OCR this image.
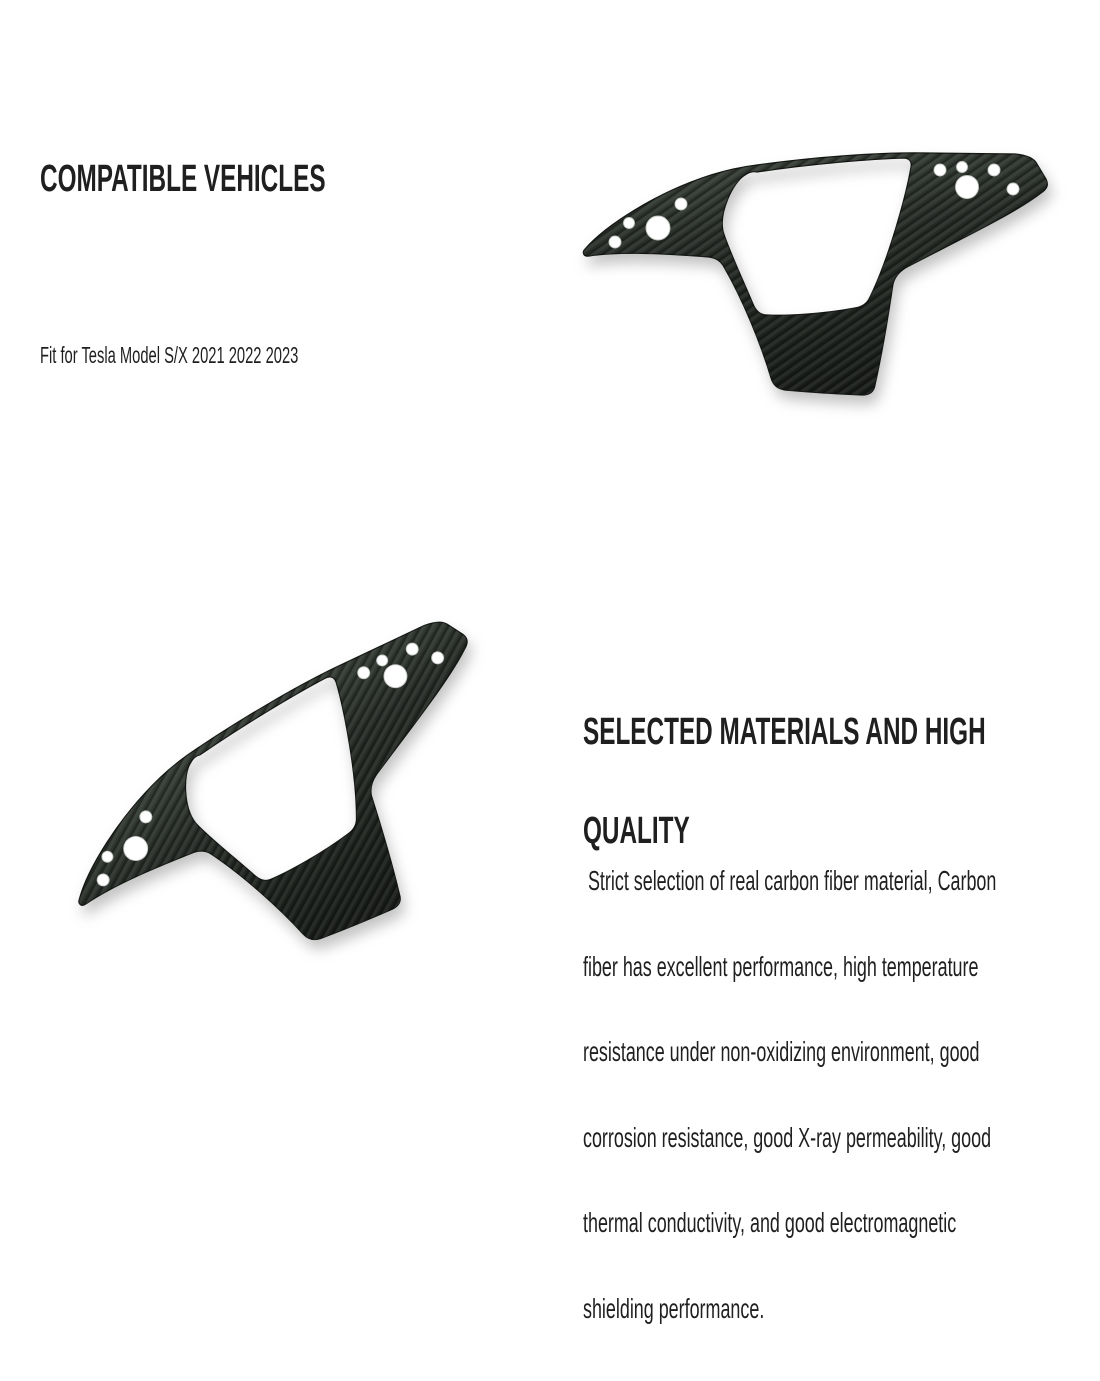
COMPATIBLE VEHICLES
Fit for Tesla Model S/X 2021 2022 2023

SELECTED MATERIALS AND HIGH

QUALITY

Strict selection of real carbon fiber material, Carbon

fiber has excellent performance, high temperature

resistance under non-oxidizing environment, good

corrosion resistance, good X-ray permeability, good

thermal conductivity, and good electromagnetic

shielding performance.
